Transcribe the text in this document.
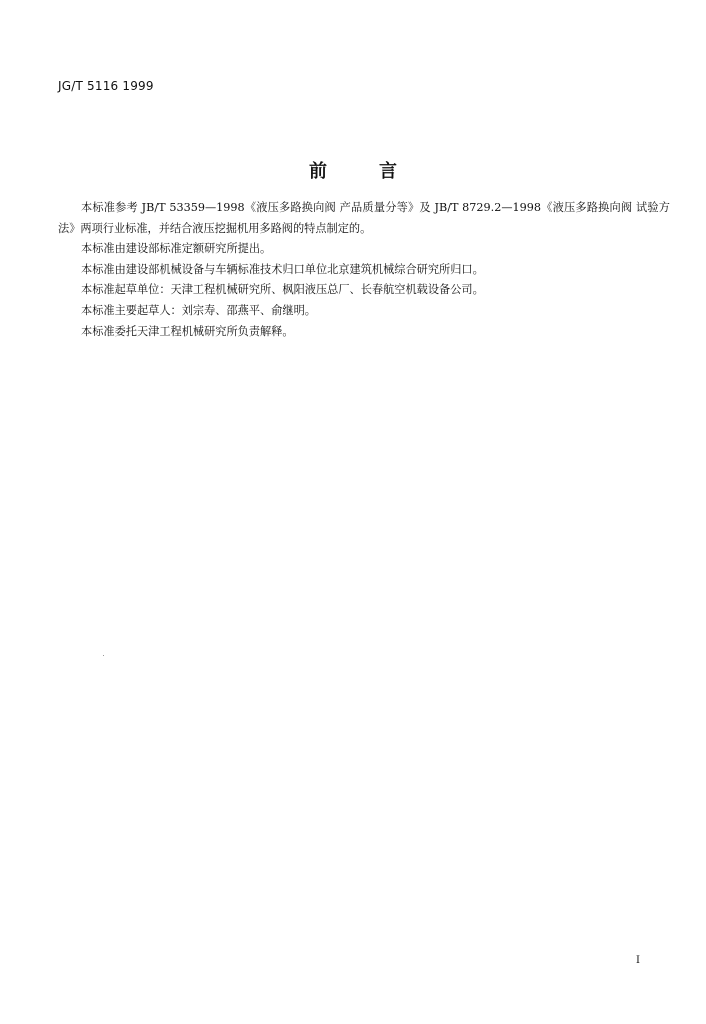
JG/T 5116 1999
前言

本标准参考 JB/T 53359—1998《液压多路换向阀 产品质量分等》及 JB/T 8729.2—1998《液压多路换向阀 试验方法》两项行业标准，并结合液压挖掘机用多路阀的特点制定的。

本标准由建设部标准定额研究所提出。

本标准由建设部机械设备与车辆标准技术归口单位北京建筑机械综合研究所归口。

本标准起草单位：天津工程机械研究所、枫阳液压总厂、长春航空机载设备公司。

本标准主要起草人：刘宗寿、邵燕平、俞继明。

本标准委托天津工程机械研究所负责解释。

I
